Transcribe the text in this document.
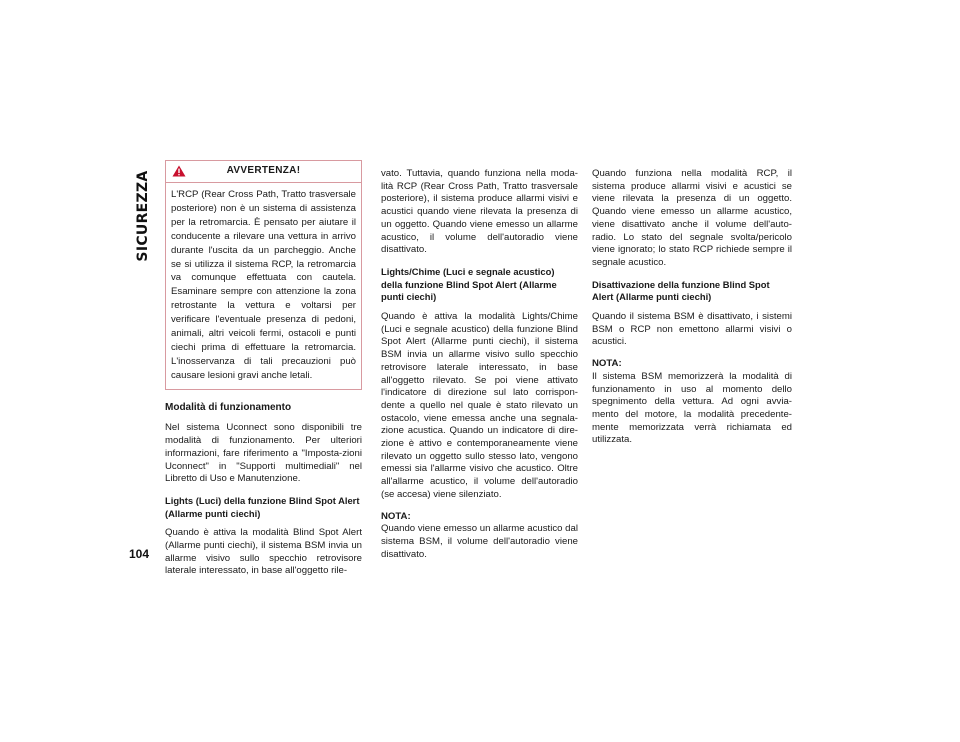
SICUREZZA
104
AVVERTENZA!
L'RCP (Rear Cross Path, Tratto trasversale posteriore) non è un sistema di assistenza per la retromarcia. È pensato per aiutare il conducente a rilevare una vettura in arrivo durante l'uscita da un parcheggio. Anche se si utilizza il sistema RCP, la retromarcia va comunque effettuata con cautela. Esaminare sempre con attenzione la zona retrostante la vettura e voltarsi per verificare l'eventuale presenza di pedoni, animali, altri veicoli fermi, ostacoli e punti ciechi prima di effettuare la retromarcia. L'inosservanza di tali precauzioni può causare lesioni gravi anche letali.
Modalità di funzionamento

Nel sistema Uconnect sono disponibili tre modalità di funzionamento. Per ulteriori informazioni, fare riferimento a "Imposta-zioni Uconnect" in "Supporti multimediali" nel Libretto di Uso e Manutenzione.

Lights (Luci) della funzione Blind Spot Alert (Allarme punti ciechi)

Quando è attiva la modalità Blind Spot Alert (Allarme punti ciechi), il sistema BSM invia un allarme visivo sullo specchio retrovisore laterale interessato, in base all'oggetto rile-

vato. Tuttavia, quando funziona nella moda-lità RCP (Rear Cross Path, Tratto trasversale posteriore), il sistema produce allarmi visivi e acustici quando viene rilevata la presenza di un oggetto. Quando viene emesso un allarme acustico, il volume dell'autoradio viene disattivato.

Lights/Chime (Luci e segnale acustico) della funzione Blind Spot Alert (Allarme punti ciechi)

Quando è attiva la modalità Lights/Chime (Luci e segnale acustico) della funzione Blind Spot Alert (Allarme punti ciechi), il sistema BSM invia un allarme visivo sullo specchio retrovisore laterale interessato, in base all'oggetto rilevato. Se poi viene attivato l'indicatore di direzione sul lato corrispon-dente a quello nel quale è stato rilevato un ostacolo, viene emessa anche una segnala-zione acustica. Quando un indicatore di dire-zione è attivo e contemporaneamente viene rilevato un oggetto sullo stesso lato, vengono emessi sia l'allarme visivo che acustico. Oltre all'allarme acustico, il volume dell'autoradio (se accesa) viene silenziato.

NOTA:
Quando viene emesso un allarme acustico dal sistema BSM, il volume dell'autoradio viene disattivato.

Quando funziona nella modalità RCP, il sistema produce allarmi visivi e acustici se viene rilevata la presenza di un oggetto. Quando viene emesso un allarme acustico, viene disattivato anche il volume dell'auto-radio. Lo stato del segnale svolta/pericolo viene ignorato; lo stato RCP richiede sempre il segnale acustico.

Disattivazione della funzione Blind Spot Alert (Allarme punti ciechi)

Quando il sistema BSM è disattivato, i sistemi BSM o RCP non emettono allarmi visivi o acustici.

NOTA:
Il sistema BSM memorizzerà la modalità di funzionamento in uso al momento dello spegnimento della vettura. Ad ogni avvia-mento del motore, la modalità precedente-mente memorizzata verrà richiamata ed utilizzata.
